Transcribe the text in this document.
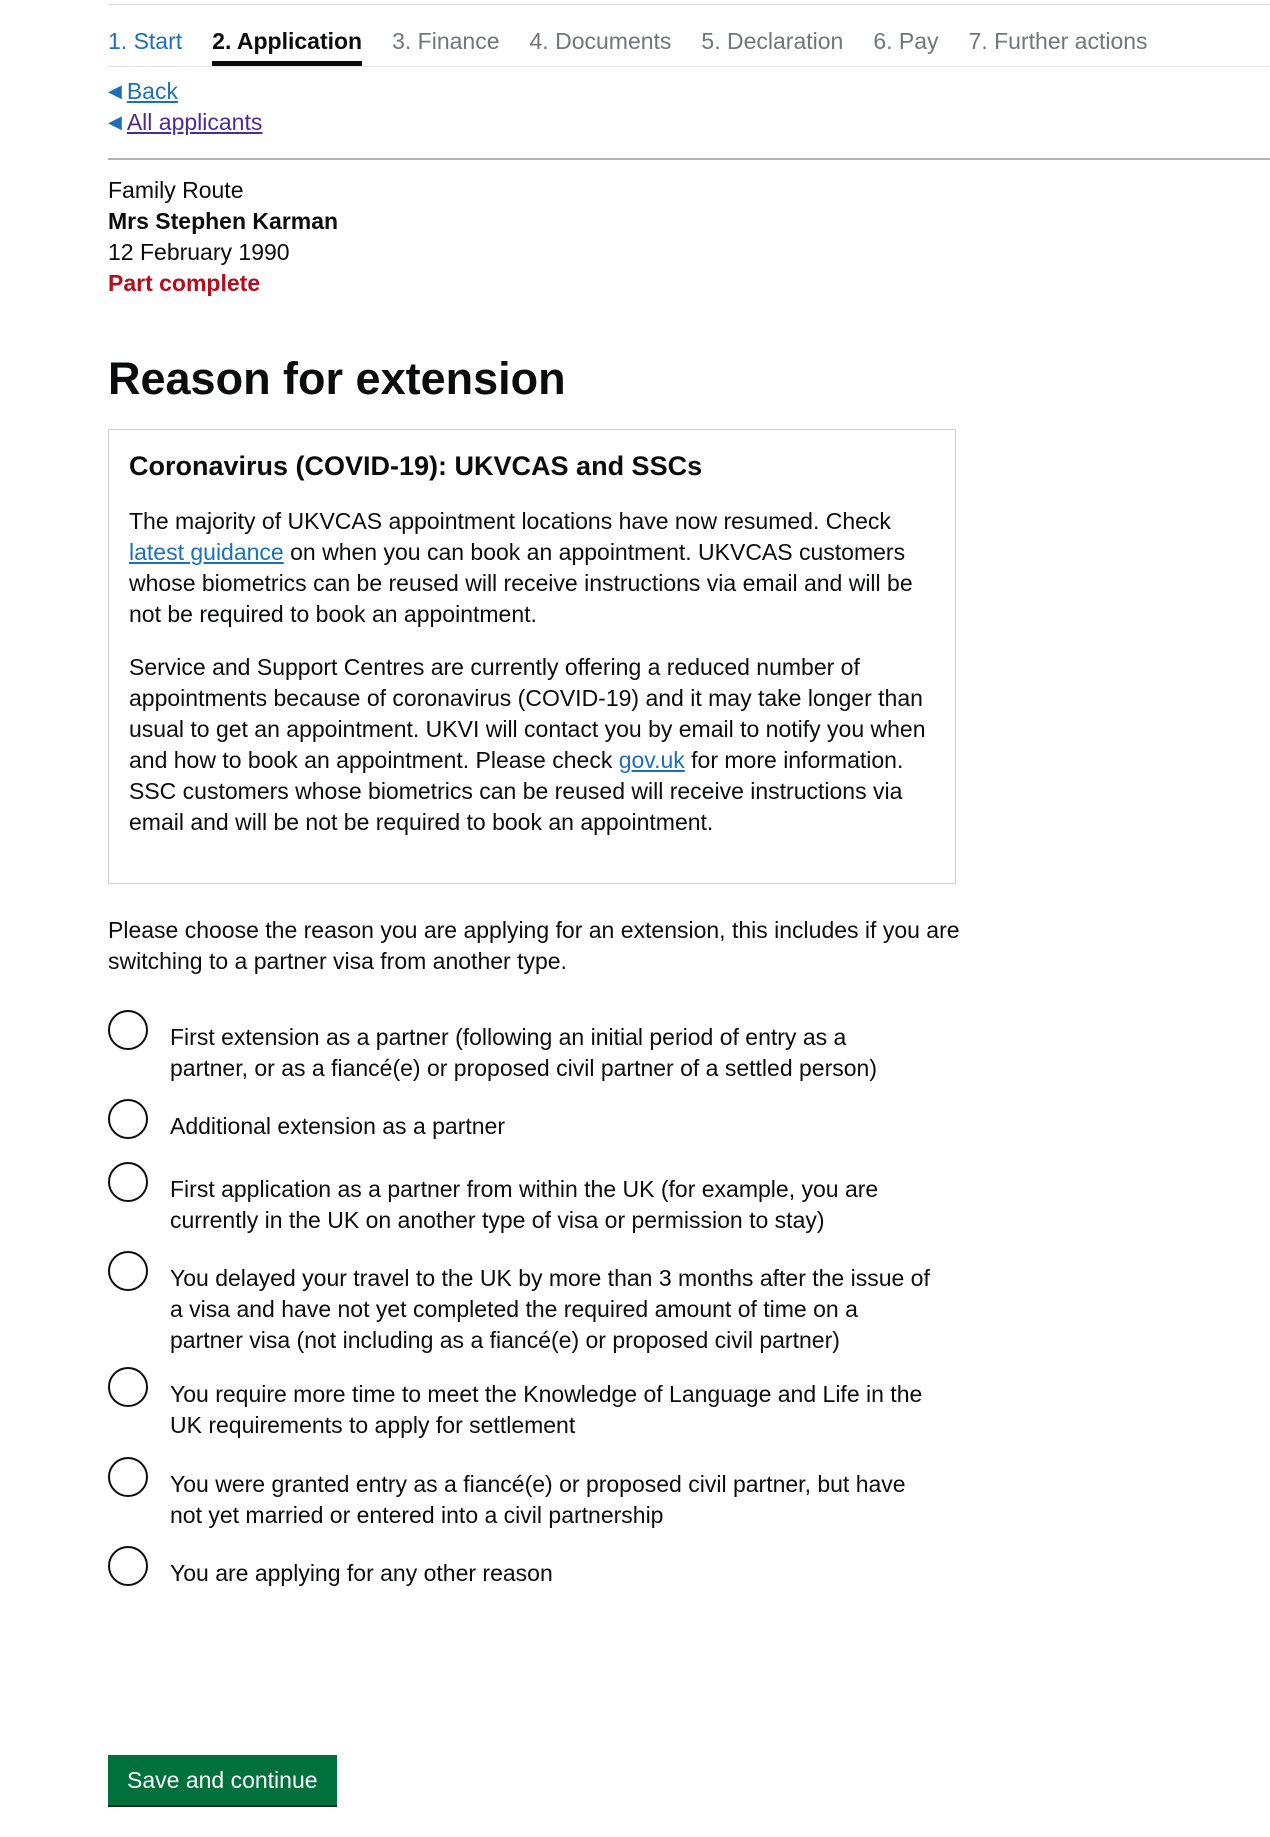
1. Start 2. Application 3. Finance 4. Documents 5. Declaration 6. Pay 7. Further actions
◀ Back
◀ All applicants
Family Route
Mrs Stephen Karman
12 February 1990
Part complete
Reason for extension
Coronavirus (COVID-19): UKVCAS and SSCs

The majority of UKVCAS appointment locations have now resumed. Check latest guidance on when you can book an appointment. UKVCAS customers whose biometrics can be reused will receive instructions via email and will be not be required to book an appointment.

Service and Support Centres are currently offering a reduced number of appointments because of coronavirus (COVID-19) and it may take longer than usual to get an appointment. UKVI will contact you by email to notify you when and how to book an appointment. Please check gov.uk for more information. SSC customers whose biometrics can be reused will receive instructions via email and will be not be required to book an appointment.

Please choose the reason you are applying for an extension, this includes if you are switching to a partner visa from another type.
First extension as a partner (following an initial period of entry as a partner, or as a fiancé(e) or proposed civil partner of a settled person)
Additional extension as a partner
First application as a partner from within the UK (for example, you are currently in the UK on another type of visa or permission to stay)
You delayed your travel to the UK by more than 3 months after the issue of a visa and have not yet completed the required amount of time on a partner visa (not including as a fiancé(e) or proposed civil partner)
You require more time to meet the Knowledge of Language and Life in the UK requirements to apply for settlement
You were granted entry as a fiancé(e) or proposed civil partner, but have not yet married or entered into a civil partnership
You are applying for any other reason
Save and continue
